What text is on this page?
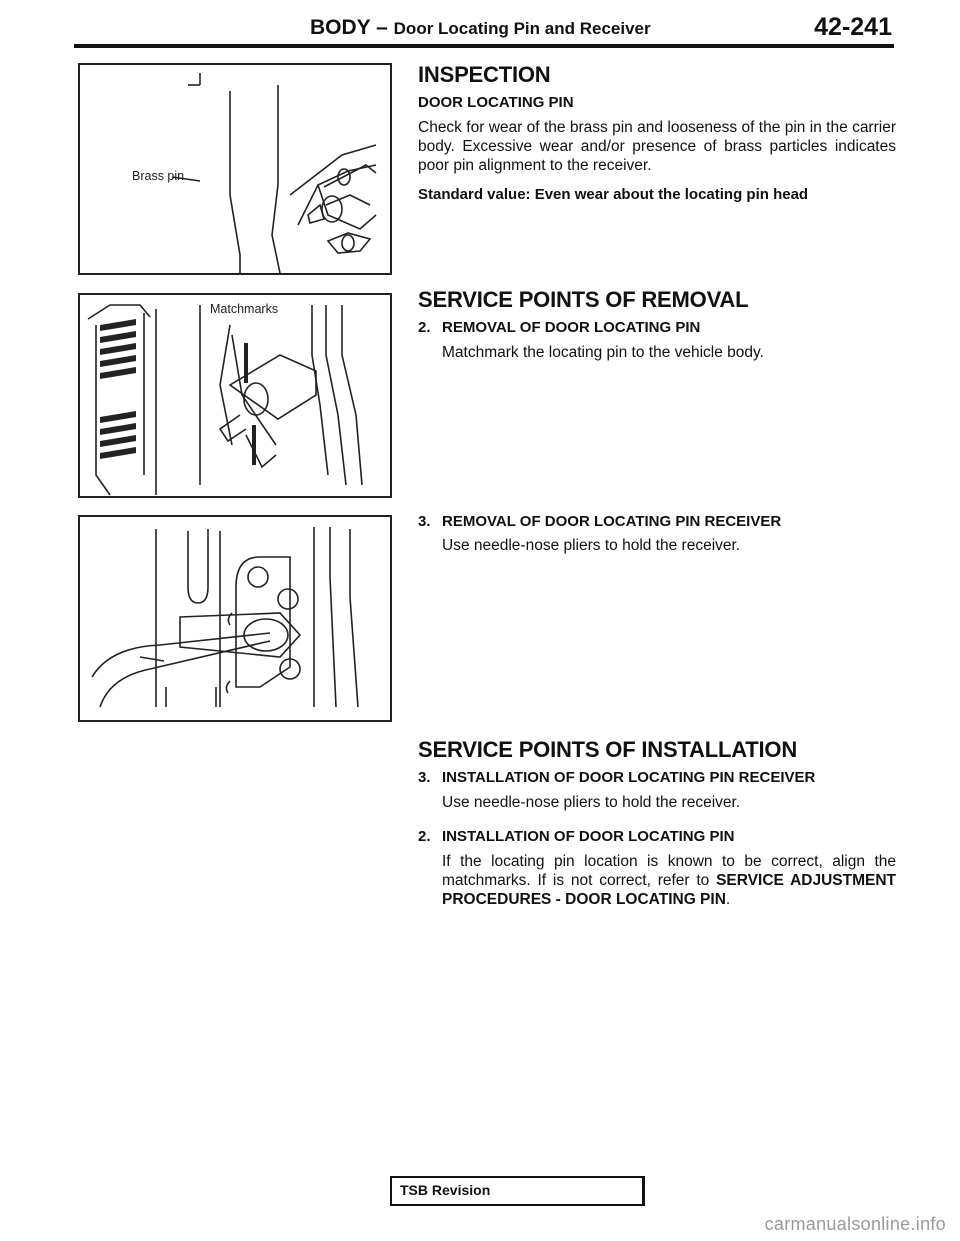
BODY – Door Locating Pin and Receiver	42-241
Brass pin
Matchmarks
INSPECTION
DOOR LOCATING PIN

Check for wear of the brass pin and looseness of the pin in the carrier body. Excessive wear and/or presence of brass particles indicates poor pin alignment to the receiver.

Standard value: Even wear about the locating pin head
SERVICE POINTS OF REMOVAL
2. REMOVAL OF DOOR LOCATING PIN
Matchmark the locating pin to the vehicle body.
3. REMOVAL OF DOOR LOCATING PIN RECEIVER
Use needle-nose pliers to hold the receiver.
SERVICE POINTS OF INSTALLATION
3. INSTALLATION OF DOOR LOCATING PIN RECEIVER
Use needle-nose pliers to hold the receiver.
2. INSTALLATION OF DOOR LOCATING PIN
If the locating pin location is known to be correct, align the matchmarks. If is not correct, refer to SERVICE ADJUSTMENT PROCEDURES - DOOR LOCATING PIN.
TSB Revision
carmanualsonline.info
